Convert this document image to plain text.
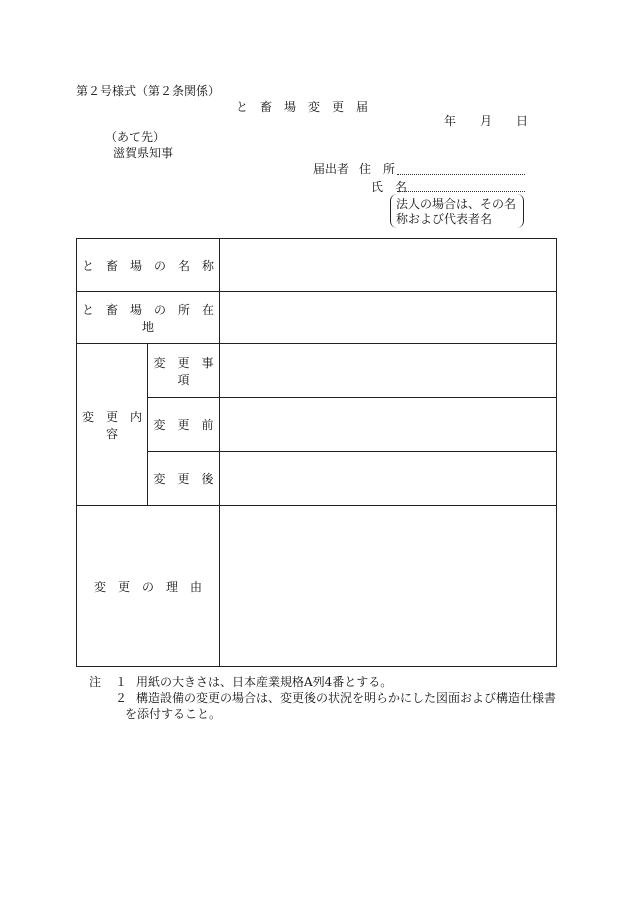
第２号様式（第２条関係）
と　畜　場　変　更　届
年　　月　　日
（あて先）
滋賀県知事
届出者 住　所
氏　名
法人の場合は、その名
称および代表者名
と　畜　場　の　名　称		
と　畜　場　の　所　在　地		
変　更　内　容	変　更　事　項	
	変　更　前	
	変　更　後	
変　更　の　理　由		
注 １ 用紙の大きさは、日本産業規格A列4番とする。
２ 構造設備の変更の場合は、変更後の状況を明らかにした図面および構造仕様書
を添付すること。
